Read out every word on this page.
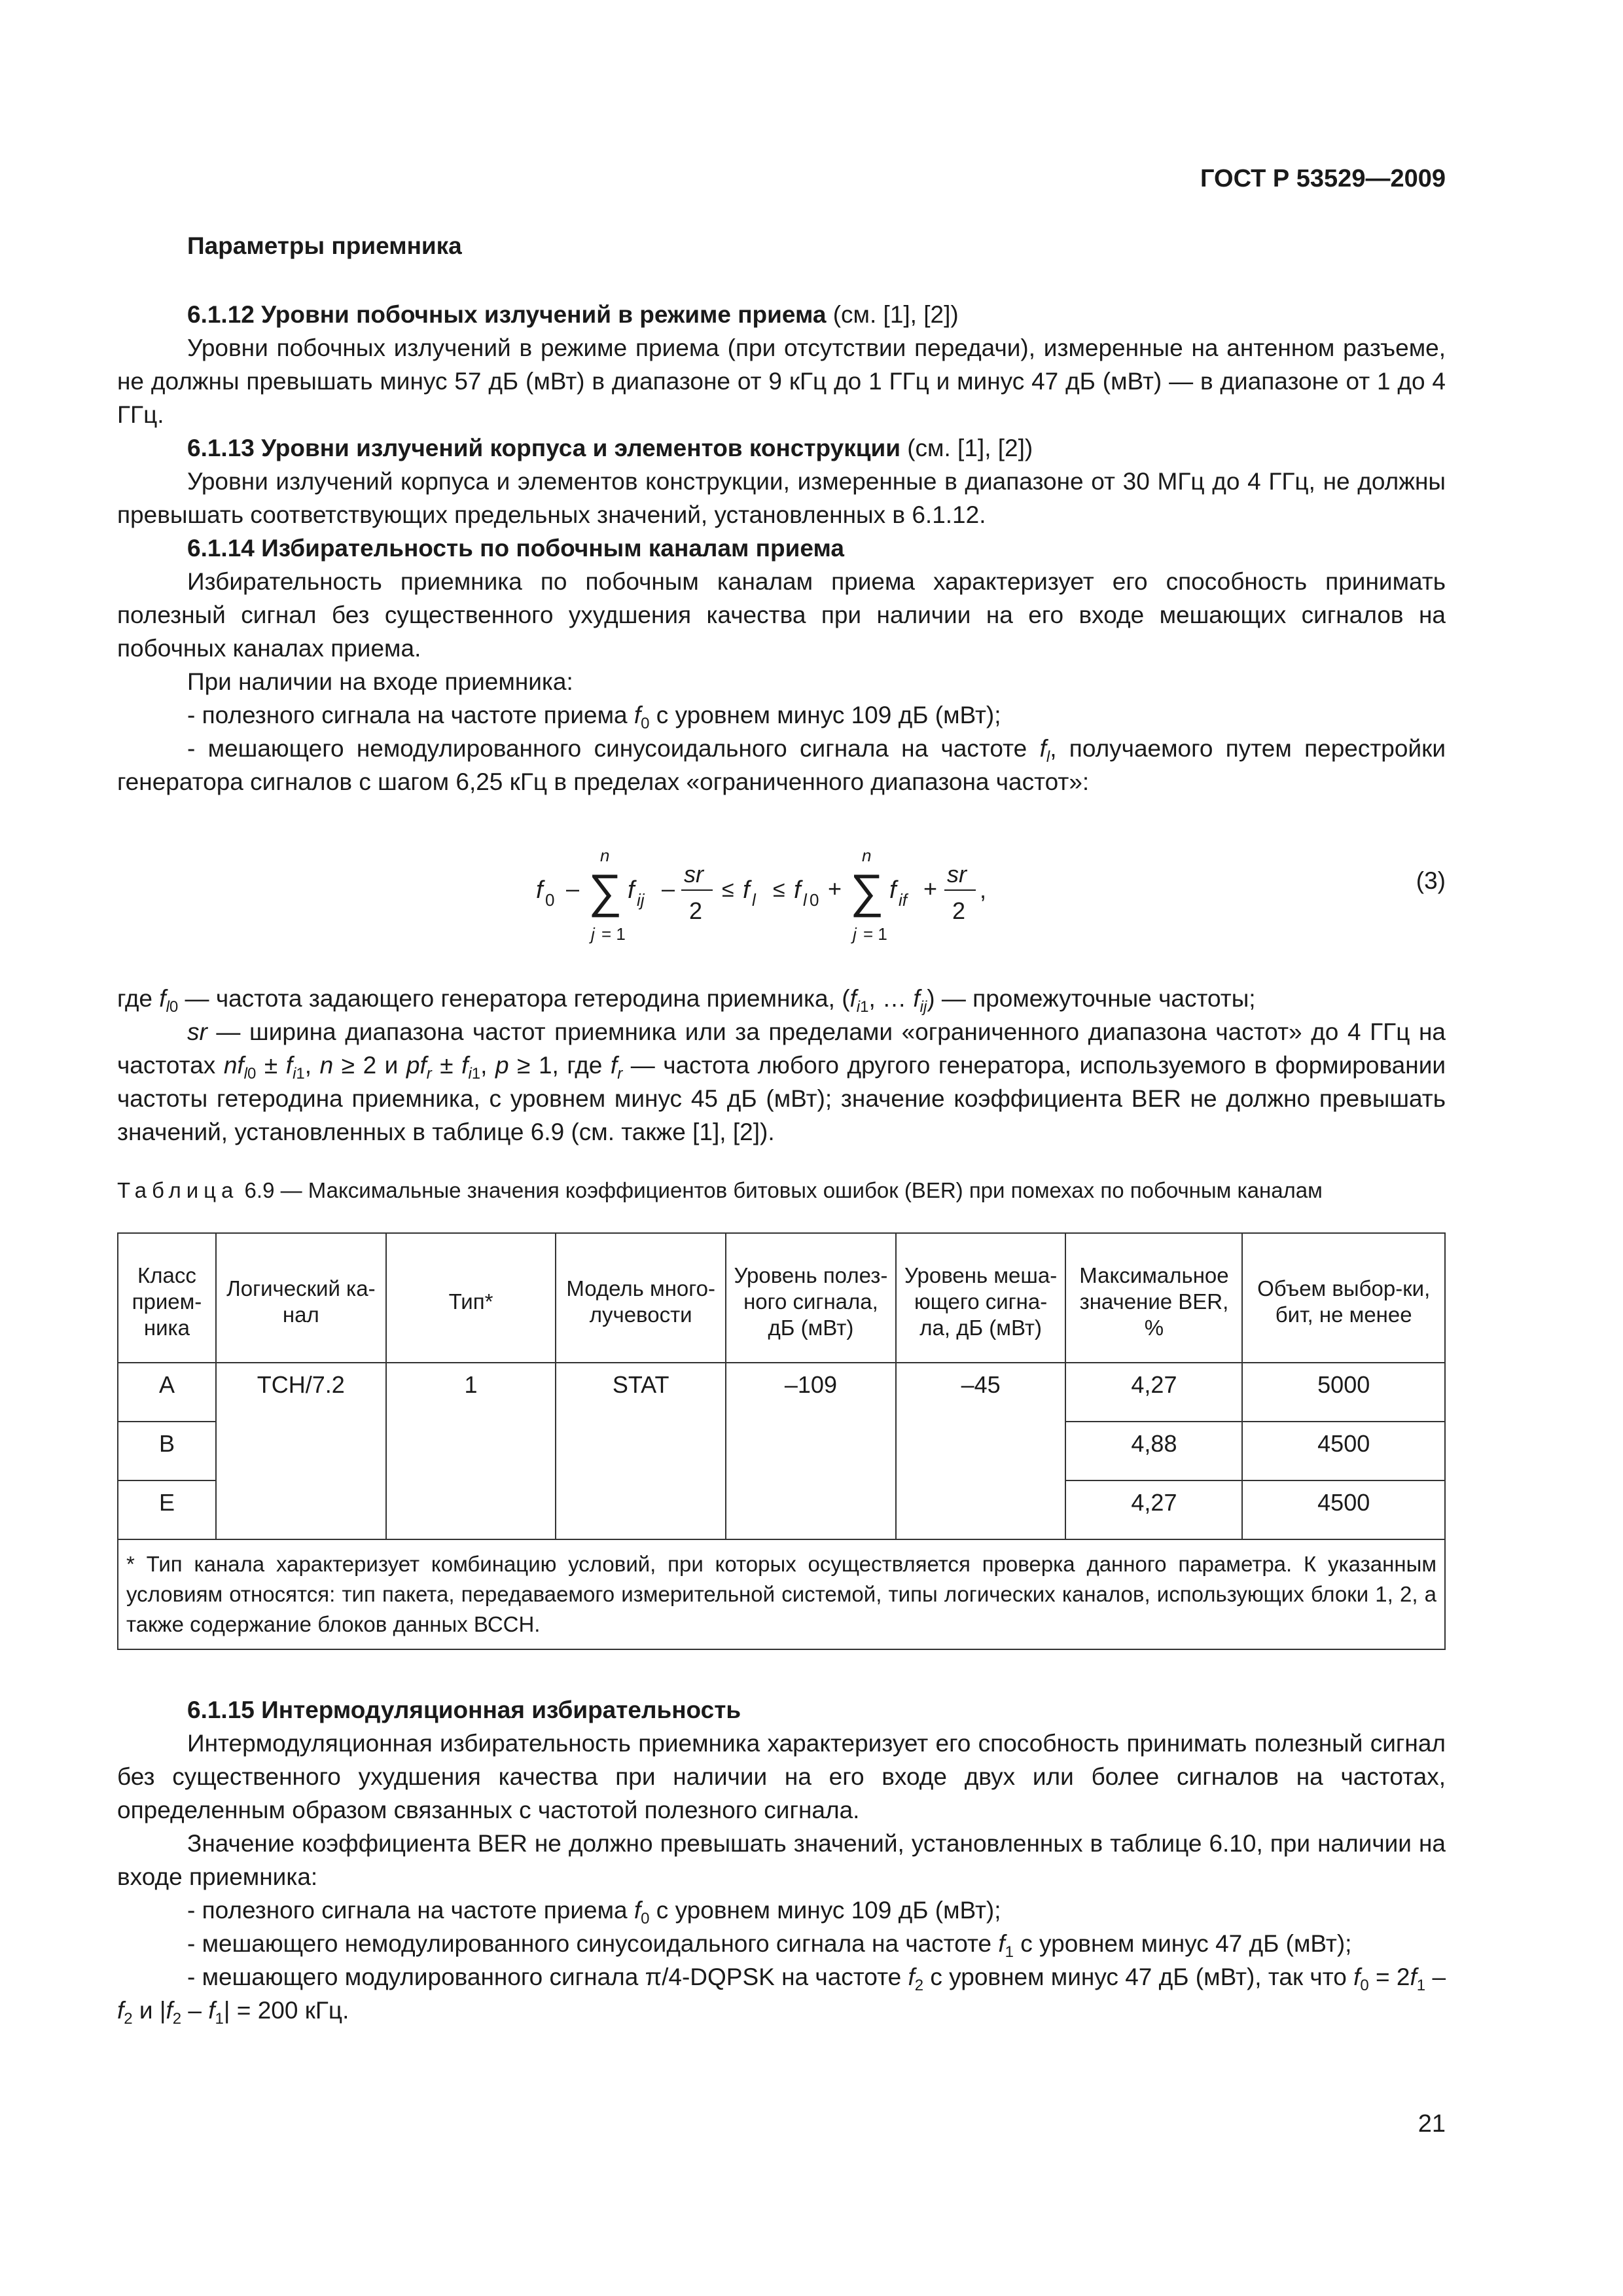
ГОСТ Р 53529—2009
Параметры приемника

6.1.12 Уровни побочных излучений в режиме приема (см. [1], [2])

Уровни побочных излучений в режиме приема (при отсутствии передачи), измеренные на антенном разъеме, не должны превышать минус 57 дБ (мВт) в диапазоне от 9 кГц до 1 ГГц и минус 47 дБ (мВт) — в диапазоне от 1 до 4 ГГц.

6.1.13 Уровни излучений корпуса и элементов конструкции (см. [1], [2])

Уровни излучений корпуса и элементов конструкции, измеренные в диапазоне от 30 МГц до 4 ГГц, не должны превышать соответствующих предельных значений, установленных в 6.1.12.

6.1.14 Избирательность по побочным каналам приема

Избирательность приемника по побочным каналам приема характеризует его способность принимать полезный сигнал без существенного ухудшения качества при наличии на его входе мешающих сигналов на побочных каналах приема.

При наличии на входе приемника:

- полезного сигнала на частоте приема $f_0$ с уровнем минус 109 дБ (мВт);

- мешающего немодулированного синусоидального сигнала на частоте $f_l$, получаемого путем перестройки генератора сигналов с шагом 6,25 кГц в пределах «ограниченного диапазона частот»:

f 0 – ∑
n
j = 1
f ij –
sr
2
≤ f l ≤ f l 0 + ∑
n
j = 1
f if +
sr
2
,	(3)

где $f_{l0}$ — частота задающего генератора гетеродина приемника, ($f_{i1}$, … $f_{ij}$) — промежуточные частоты;

sr — ширина диапазона частот приемника или за пределами «ограниченного диапазона частот» до 4 ГГц на частотах $nf_{l0} \pm f_{i1}$, n ≥ 2 и $pf_r \pm f_{i1}$, p ≥ 1, где $f_r$ — частота любого другого генератора, используемого в формировании частоты гетеродина приемника, с уровнем минус 45 дБ (мВт); значение коэффициента BER не должно превышать значений, установленных в таблице 6.9 (см. также [1], [2]).

Таблица 6.9 — Максимальные значения коэффициентов битовых ошибок (BER) при помехах по побочным каналам

Класс прием-ника	Логический ка-нал	Тип*	Модель много-лучевости	Уровень полез-ного сигнала, дБ (мВт)	Уровень меша-ющего сигна-ла, дБ (мВт)	Максимальное значение BER, %	Объем выбор-ки, бит, не менее
A	TCH/7.2	1	STAT	–109	–45	4,27	5000
B						4,88	4500
E						4,27	4500
* Тип канала характеризует комбинацию условий, при которых осуществляется проверка данного параметра. К указанным условиям относятся: тип пакета, передаваемого измерительной системой, типы логических каналов, использующих блоки 1, 2, а также содержание блоков данных ВССН.							

6.1.15 Интермодуляционная избирательность

Интермодуляционная избирательность приемника характеризует его способность принимать полезный сигнал без существенного ухудшения качества при наличии на его входе двух или более сигналов на частотах, определенным образом связанных с частотой полезного сигнала.

Значение коэффициента BER не должно превышать значений, установленных в таблице 6.10, при наличии на входе приемника:

- полезного сигнала на частоте приема $f_0$ с уровнем минус 109 дБ (мВт);

- мешающего немодулированного синусоидального сигнала на частоте $f_1$ с уровнем минус 47 дБ (мВт);

- мешающего модулированного сигнала π/4-DQPSK на частоте $f_2$ с уровнем минус 47 дБ (мВт), так что $f_0 = 2f_1 - f_2$ и $|f_2 - f_1| = 200$ кГц.

21
